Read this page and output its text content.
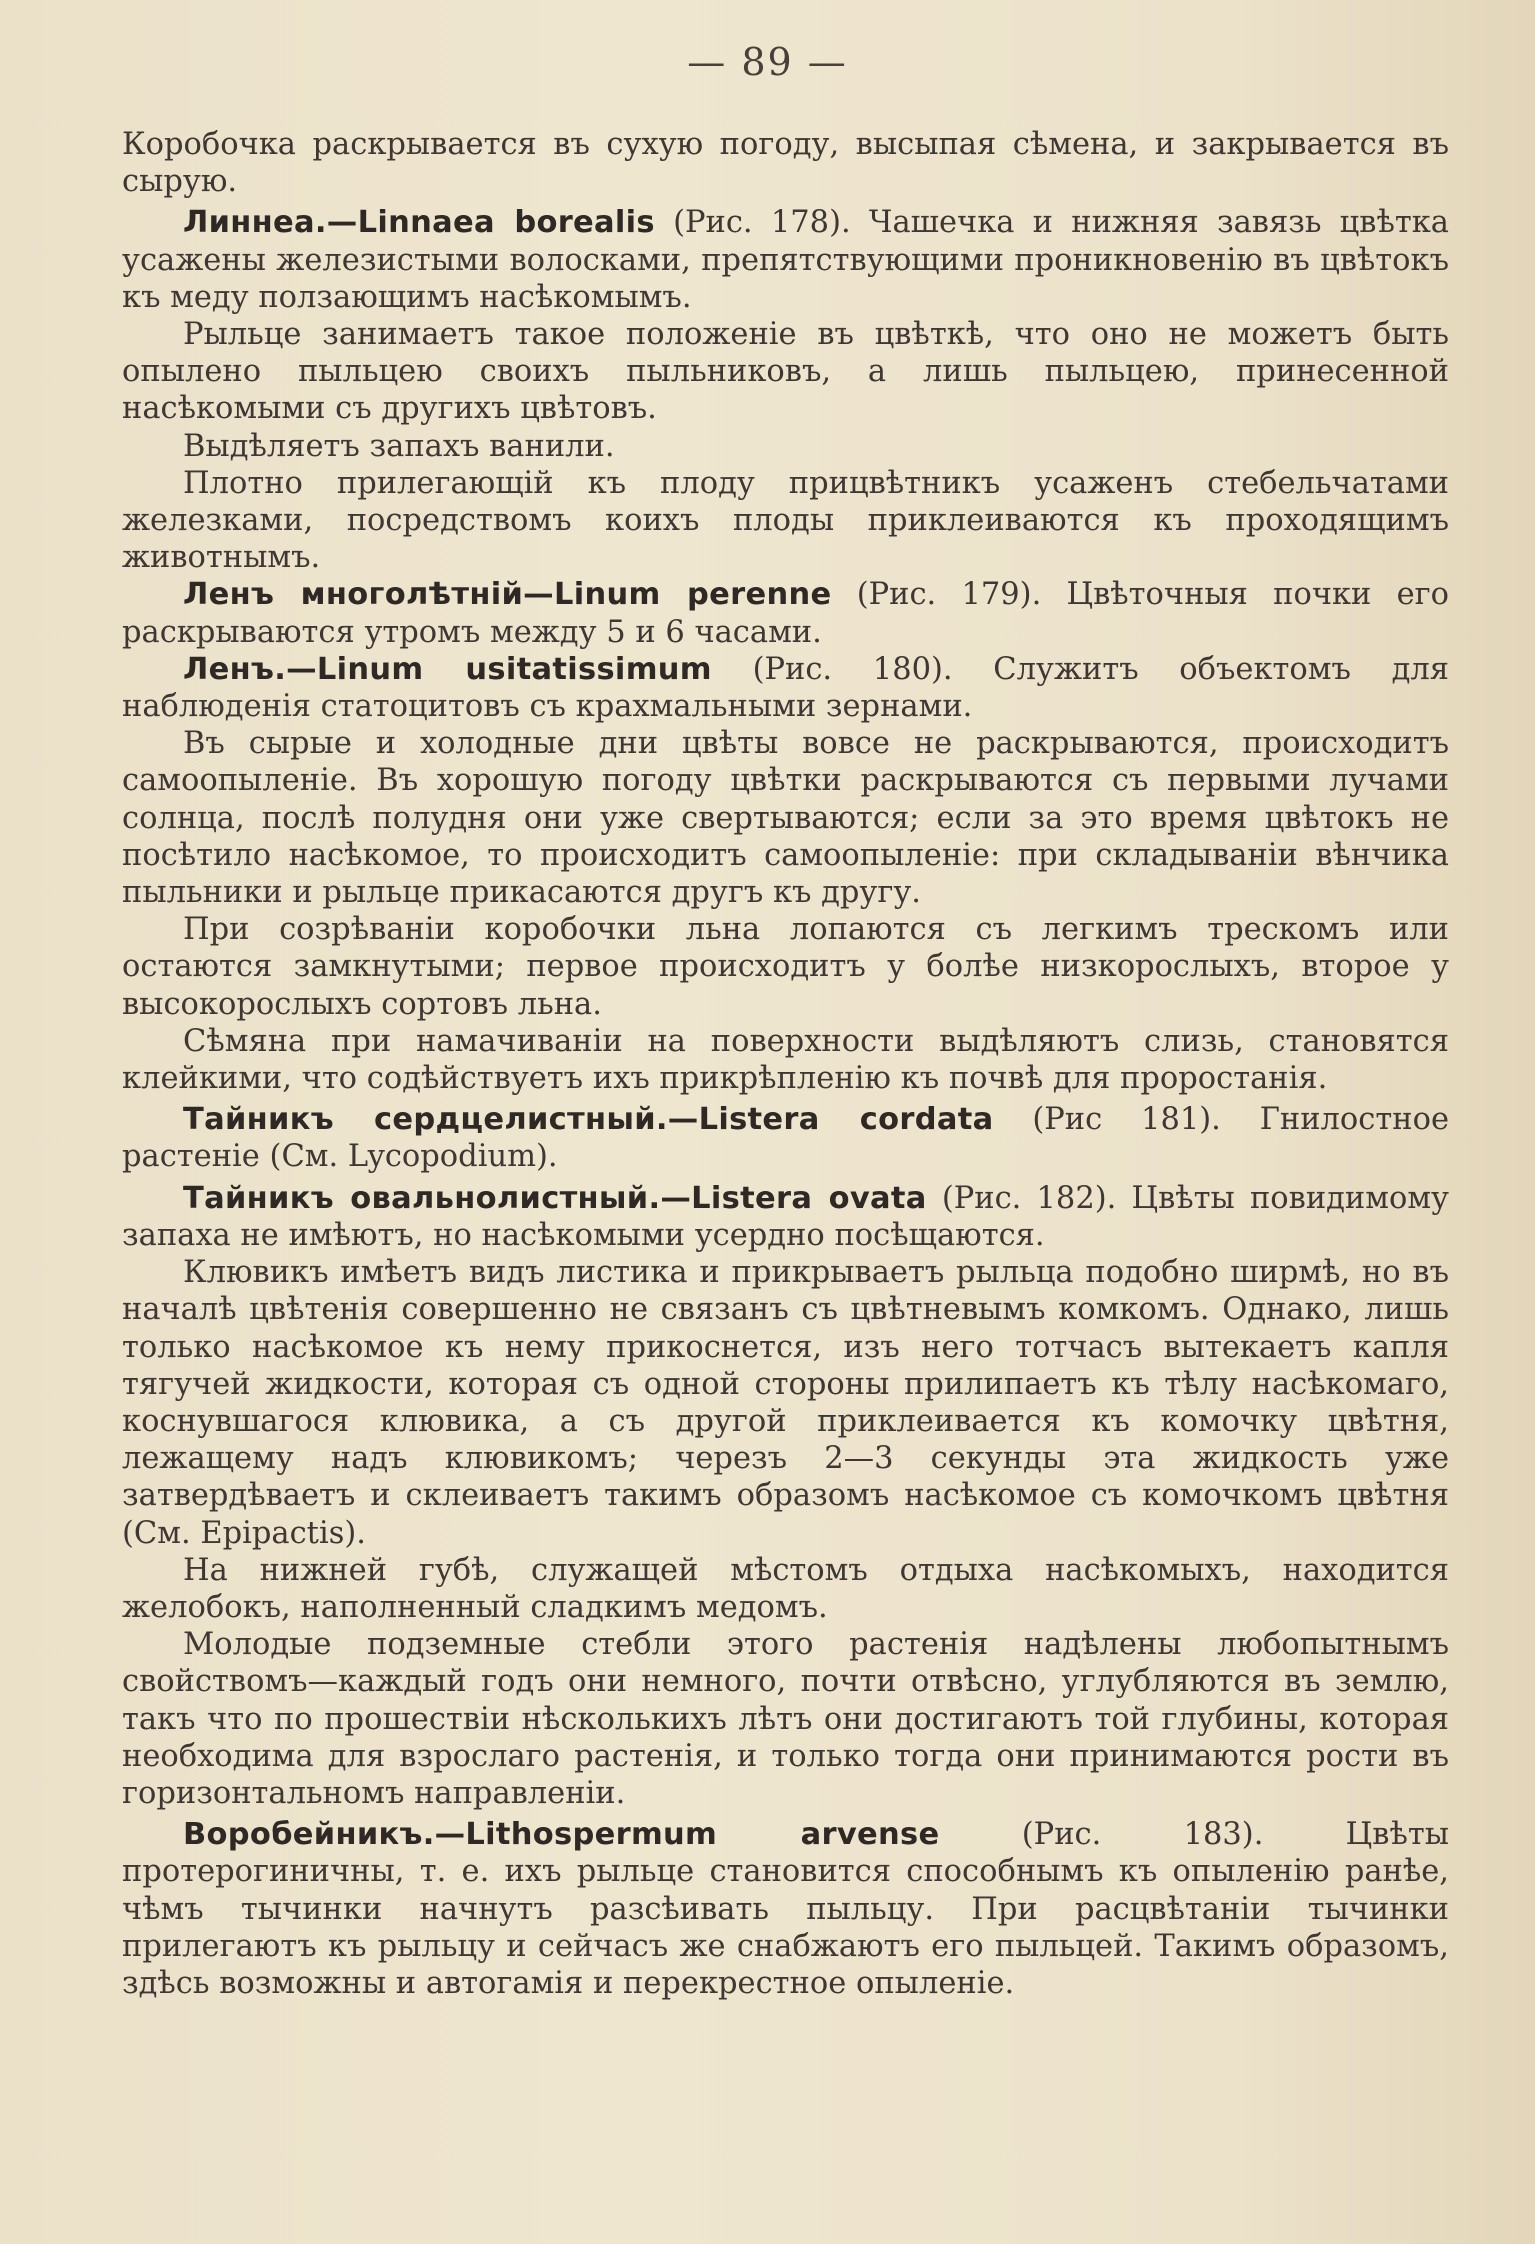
— 89 —

Коробочка раскрывается въ сухую погоду, высыпая сѣмена, и закрывается въ сырую.

Линнеа.—Linnaea borealis (Рис. 178). Чашечка и нижняя завязь цвѣтка усажены железистыми волосками, препятствующими проникновенію въ цвѣтокъ къ меду ползающимъ насѣкомымъ.

Рыльце занимаетъ такое положеніе въ цвѣткѣ, что оно не можетъ быть опылено пыльцею своихъ пыльниковъ, а лишь пыльцею, принесенной насѣкомыми съ другихъ цвѣтовъ.

Выдѣляетъ запахъ ванили.

Плотно прилегающій къ плоду прицвѣтникъ усаженъ стебельчатами железками, посредствомъ коихъ плоды приклеиваются къ проходящимъ животнымъ.

Ленъ многолѣтній—Linum perenne (Рис. 179). Цвѣточныя почки его раскрываются утромъ между 5 и 6 часами.

Ленъ.—Linum usitatissimum (Рис. 180). Служитъ объектомъ для наблюденія статоцитовъ съ крахмальными зернами.

Въ сырые и холодные дни цвѣты вовсе не раскрываются, происходитъ самоопыленіе. Въ хорошую погоду цвѣтки раскрываются съ первыми лучами солнца, послѣ полудня они уже свертываются; если за это время цвѣтокъ не посѣтило насѣкомое, то происходитъ самоопыленіе: при складываніи вѣнчика пыльники и рыльце прикасаются другъ къ другу.

При созрѣваніи коробочки льна лопаются съ легкимъ трескомъ или остаются замкнутыми; первое происходитъ у болѣе низкорослыхъ, второе у высокорослыхъ сортовъ льна.

Сѣмяна при намачиваніи на поверхности выдѣляютъ слизь, становятся клейкими, что содѣйствуетъ ихъ прикрѣпленію къ почвѣ для проростанія.

Тайникъ сердцелистный.—Listera cordata (Рис 181). Гнилостное растеніе (См. Lycopodium).

Тайникъ овальнолистный.—Listera ovata (Рис. 182). Цвѣты повидимому запаха не имѣютъ, но насѣкомыми усердно посѣщаются.

Клювикъ имѣетъ видъ листика и прикрываетъ рыльца подобно ширмѣ, но въ началѣ цвѣтенія совершенно не связанъ съ цвѣтневымъ комкомъ. Однако, лишь только насѣкомое къ нему прикоснется, изъ него тотчасъ вытекаетъ капля тягучей жидкости, которая съ одной стороны прилипаетъ къ тѣлу насѣкомаго, коснувшагося клювика, а съ другой приклеивается къ комочку цвѣтня, лежащему надъ клювикомъ; черезъ 2—3 секунды эта жидкость уже затвердѣваетъ и склеиваетъ такимъ образомъ насѣкомое съ комочкомъ цвѣтня (См. Epipactis).

На нижней губѣ, служащей мѣстомъ отдыха насѣкомыхъ, находится желобокъ, наполненный сладкимъ медомъ.

Молодые подземные стебли этого растенія надѣлены любопытнымъ свойствомъ—каждый годъ они немного, почти отвѣсно, углубляются въ землю, такъ что по прошествіи нѣсколькихъ лѣтъ они достигаютъ той глубины, которая необходима для взрослаго растенія, и только тогда они принимаются рости въ горизонтальномъ направленіи.

Воробейникъ.—Lithospermum arvense (Рис. 183). Цвѣты протерогиничны, т. е. ихъ рыльце становится способнымъ къ опыленію ранѣе, чѣмъ тычинки начнутъ разсѣивать пыльцу. При расцвѣтаніи тычинки прилегаютъ къ рыльцу и сейчасъ же снабжаютъ его пыльцей. Такимъ образомъ, здѣсь возможны и автогамія и перекрестное опыленіе.
